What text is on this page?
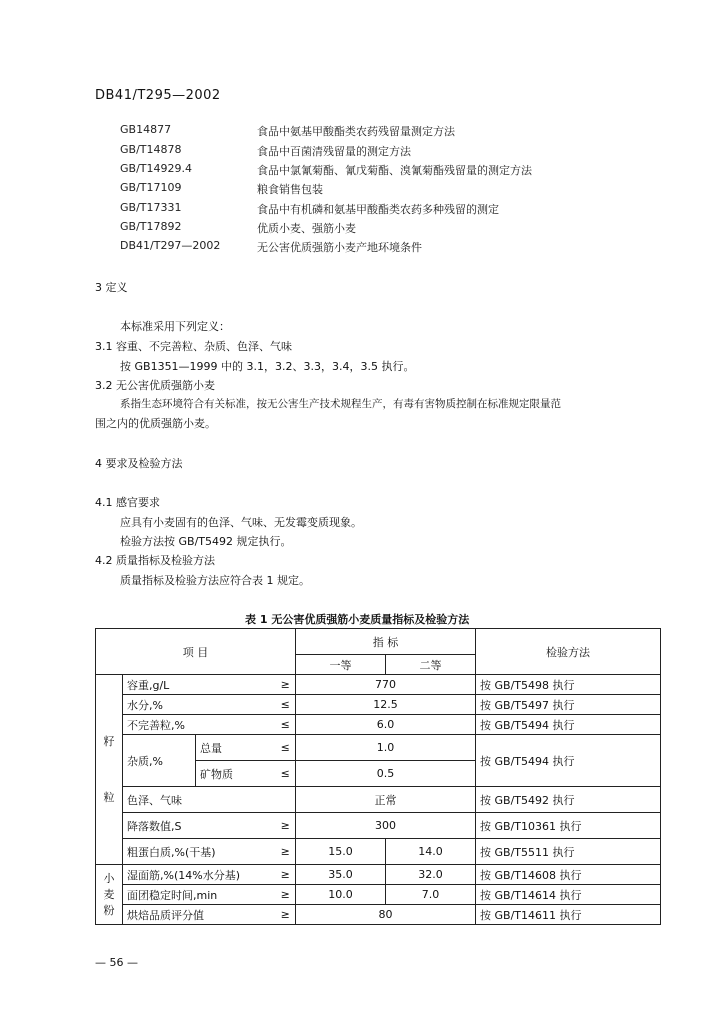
DB41/T295—2002
GB14877	食品中氨基甲酸酯类农药残留量测定方法
GB/T14878	食品中百菌清残留量的测定方法
GB/T14929.4	食品中氯氰菊酯、氰戊菊酯、溴氰菊酯残留量的测定方法
GB/T17109	粮食销售包装
GB/T17331	食品中有机磷和氨基甲酸酯类农药多种残留的测定
GB/T17892	优质小麦、强筋小麦
DB41/T297—2002	无公害优质强筋小麦产地环境条件
3 定义
本标准采用下列定义：
3.1 容重、不完善粒、杂质、色泽、气味
按 GB1351—1999 中的 3.1，3.2、3.3，3.4，3.5 执行。
3.2 无公害优质强筋小麦
系指生态环境符合有关标准，按无公害生产技术规程生产，有毒有害物质控制在标准规定限量范
围之内的优质强筋小麦。
4 要求及检验方法
4.1 感官要求
应具有小麦固有的色泽、气味、无发霉变质现象。
检验方法按 GB/T5492 规定执行。
4.2 质量指标及检验方法
质量指标及检验方法应符合表 1 规定。
表 1 无公害优质强筋小麦质量指标及检验方法
项 目				指 标		检验方法
				一等	二等	

籽
粒	容重,g/L		≥	770		按 GB/T5498 执行
	水分,%		≤	12.5		按 GB/T5497 执行
	不完善粒,%		≤	6.0		按 GB/T5494 执行
	杂质,%	总量	≤	1.0		按 GB/T5494 执行
		矿物质	≤	0.5		
	色泽、气味			正常		按 GB/T5492 执行
	降落数值,S		≥	300		按 GB/T10361 执行
	粗蛋白质,%(干基)		≥	15.0	14.0	按 GB/T5511 执行

小
麦
粉	湿面筋,%(14%水分基)		≥	35.0	32.0	按 GB/T14608 执行
	面团稳定时间,min		≥	10.0	7.0	按 GB/T14614 执行
	烘焙品质评分值		≥	80		按 GB/T14611 执行
— 56 —
